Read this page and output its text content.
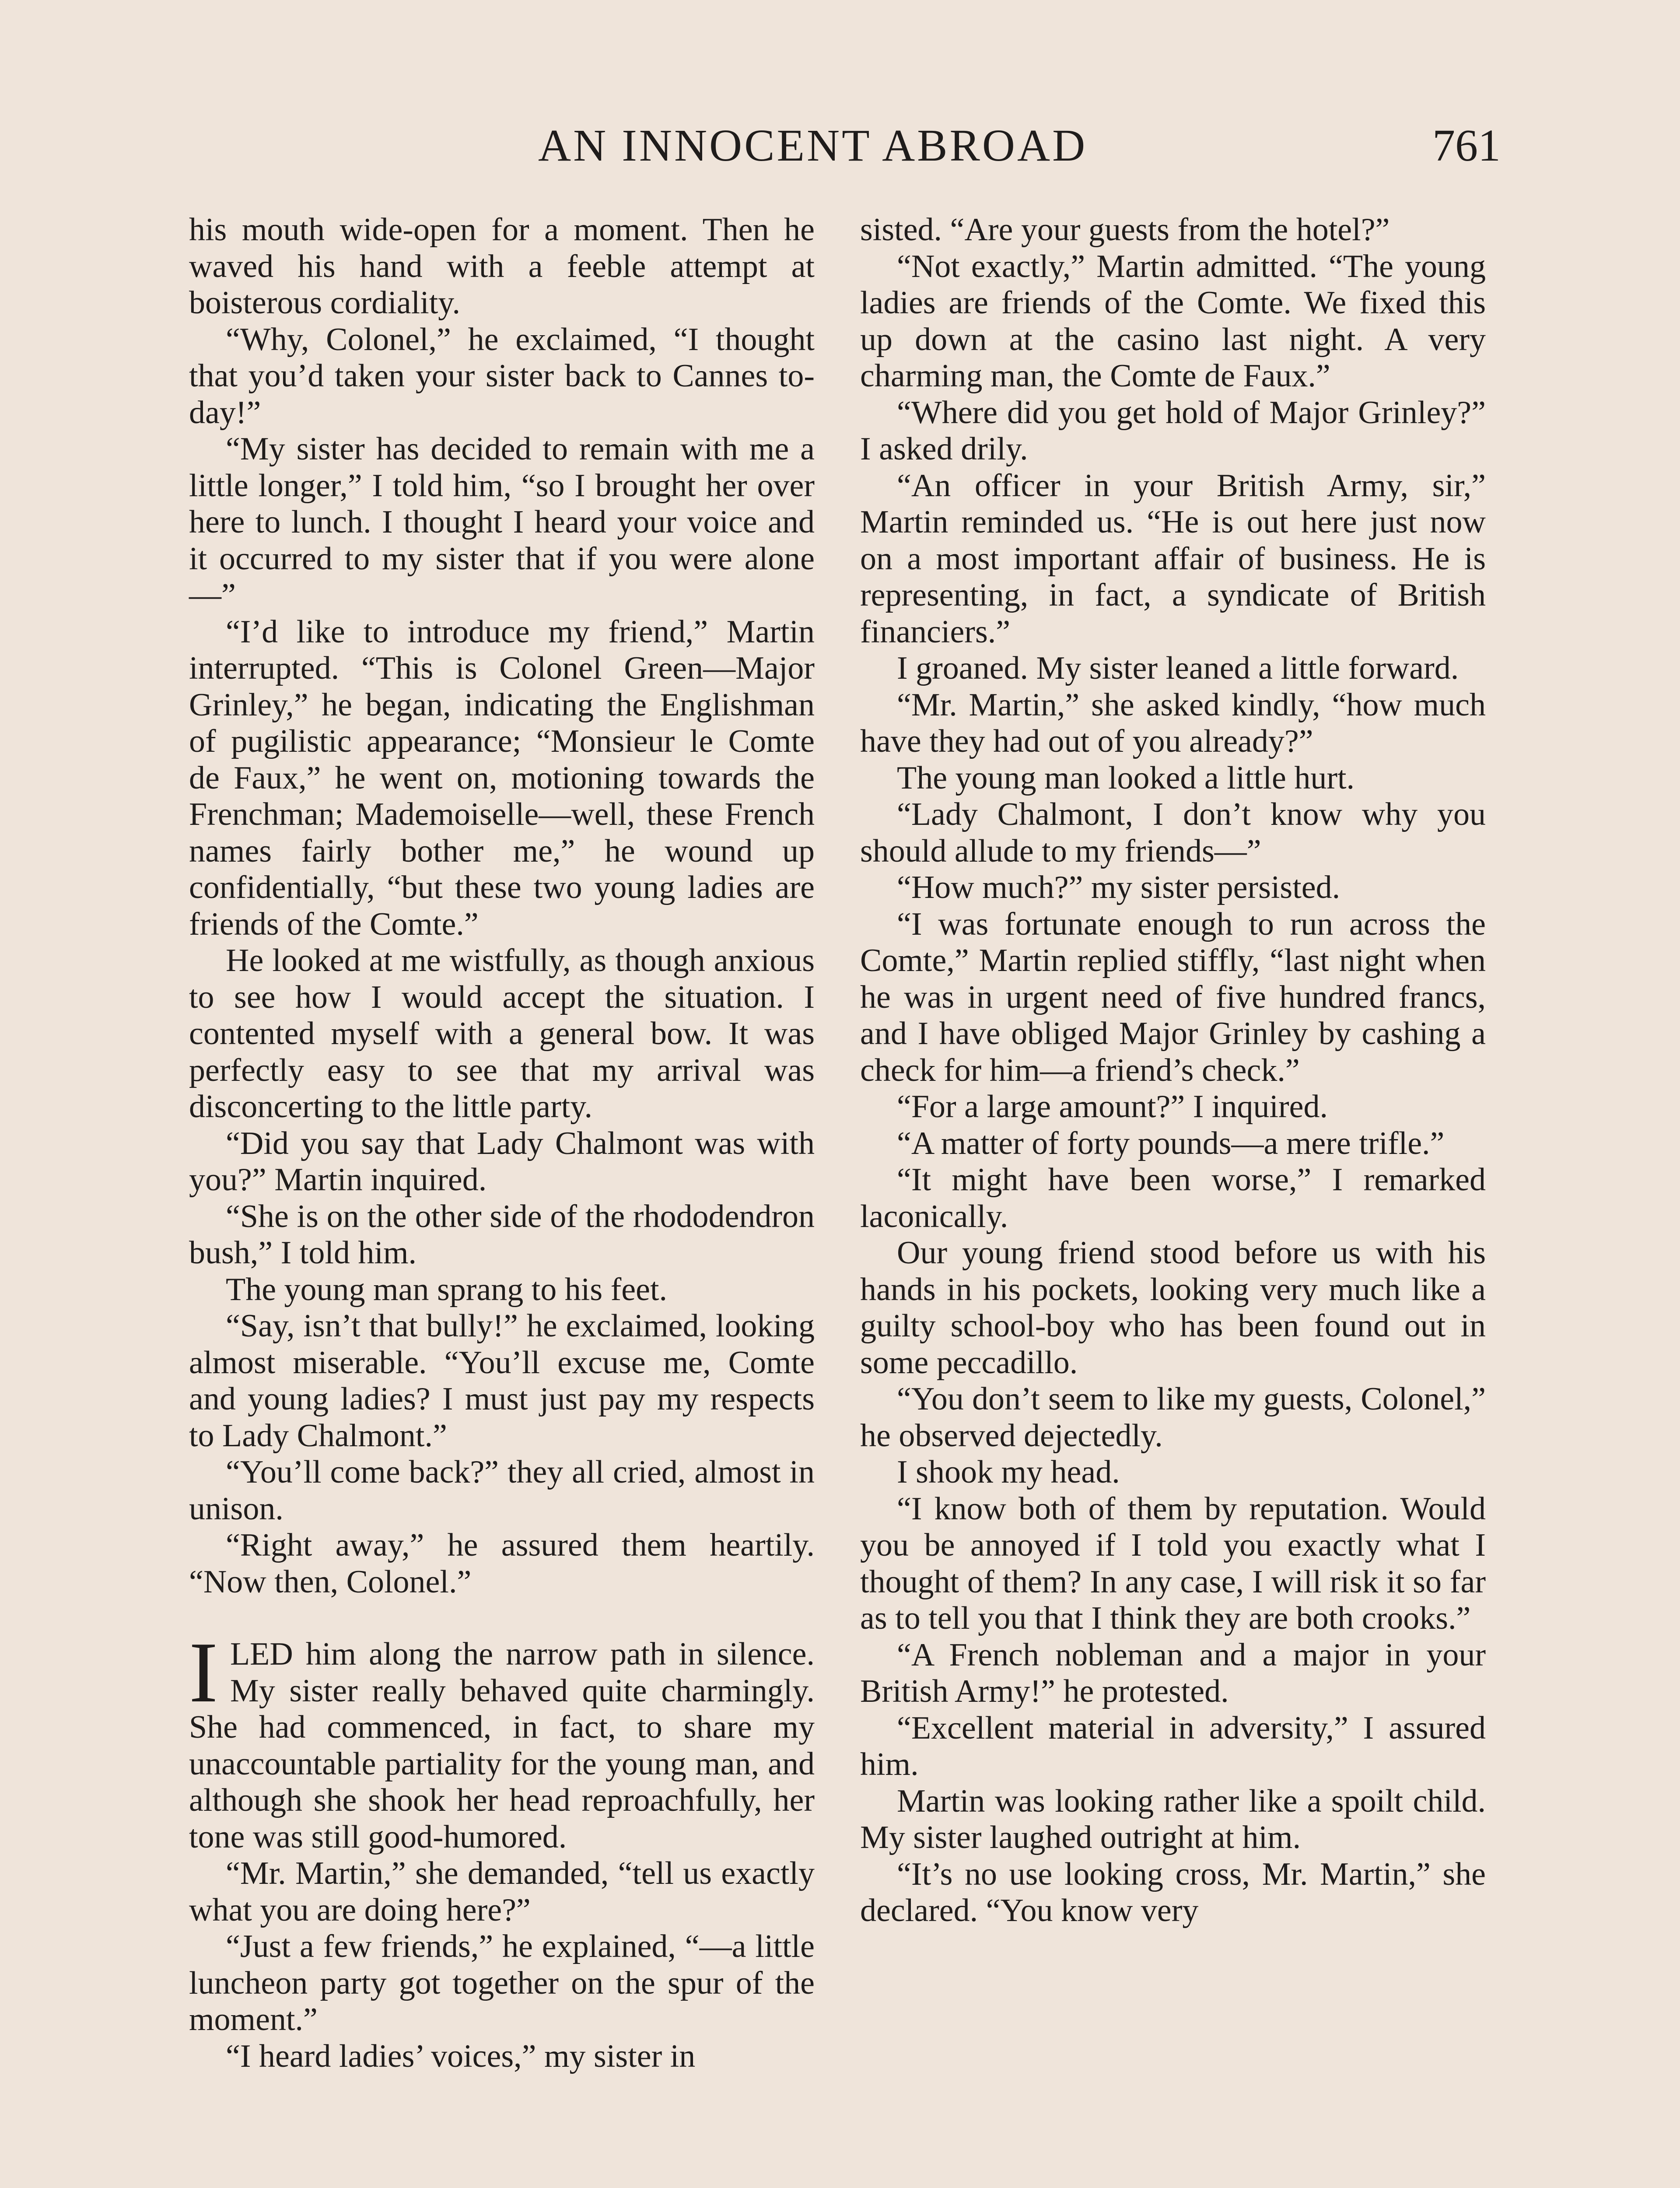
AN INNOCENT ABROAD	761

his mouth wide-open for a moment. Then he waved his hand with a feeble attempt at boisterous cordiality.

“Why, Colonel,” he exclaimed, “I thought that you’d taken your sister back to Cannes to-day!”

“My sister has decided to remain with me a little longer,” I told him, “so I brought her over here to lunch. I thought I heard your voice and it occurred to my sister that if you were alone—”

“I’d like to introduce my friend,” Martin interrupted. “This is Colonel Green—Major Grinley,” he began, indicating the Englishman of pugilistic appearance; “Monsieur le Comte de Faux,” he went on, motioning towards the Frenchman; Mademoiselle—well, these French names fairly bother me,” he wound up confidentially, “but these two young ladies are friends of the Comte.”

He looked at me wistfully, as though anxious to see how I would accept the situation. I contented myself with a general bow. It was perfectly easy to see that my arrival was disconcerting to the little party.

“Did you say that Lady Chalmont was with you?” Martin inquired.

“She is on the other side of the rhododendron bush,” I told him.

The young man sprang to his feet.

“Say, isn’t that bully!” he exclaimed, looking almost miserable. “You’ll excuse me, Comte and young ladies? I must just pay my respects to Lady Chalmont.”

“You’ll come back?” they all cried, almost in unison.

“Right away,” he assured them heartily. “Now then, Colonel.”

ILED him along the narrow path in silence. My sister really behaved quite charmingly. She had commenced, in fact, to share my unaccountable partiality for the young man, and although she shook her head reproachfully, her tone was still good-humored.

“Mr. Martin,” she demanded, “tell us exactly what you are doing here?”

“Just a few friends,” he explained, “—a little luncheon party got together on the spur of the moment.”

“I heard ladies’ voices,” my sister in

sisted. “Are your guests from the hotel?”

“Not exactly,” Martin admitted. “The young ladies are friends of the Comte. We fixed this up down at the casino last night. A very charming man, the Comte de Faux.”

“Where did you get hold of Major Grinley?” I asked drily.

“An officer in your British Army, sir,” Martin reminded us. “He is out here just now on a most important affair of business. He is representing, in fact, a syndicate of British financiers.”

I groaned. My sister leaned a little forward.

“Mr. Martin,” she asked kindly, “how much have they had out of you already?”

The young man looked a little hurt.

“Lady Chalmont, I don’t know why you should allude to my friends—”

“How much?” my sister persisted.

“I was fortunate enough to run across the Comte,” Martin replied stiffly, “last night when he was in urgent need of five hundred francs, and I have obliged Major Grinley by cashing a check for him—a friend’s check.”

“For a large amount?” I inquired.

“A matter of forty pounds—a mere trifle.”

“It might have been worse,” I remarked laconically.

Our young friend stood before us with his hands in his pockets, looking very much like a guilty school-boy who has been found out in some peccadillo.

“You don’t seem to like my guests, Colonel,” he observed dejectedly.

I shook my head.

“I know both of them by reputation. Would you be annoyed if I told you exactly what I thought of them? In any case, I will risk it so far as to tell you that I think they are both crooks.”

“A French nobleman and a major in your British Army!” he protested.

“Excellent material in adversity,” I assured him.

Martin was looking rather like a spoilt child. My sister laughed outright at him.

“It’s no use looking cross, Mr. Martin,” she declared. “You know very
